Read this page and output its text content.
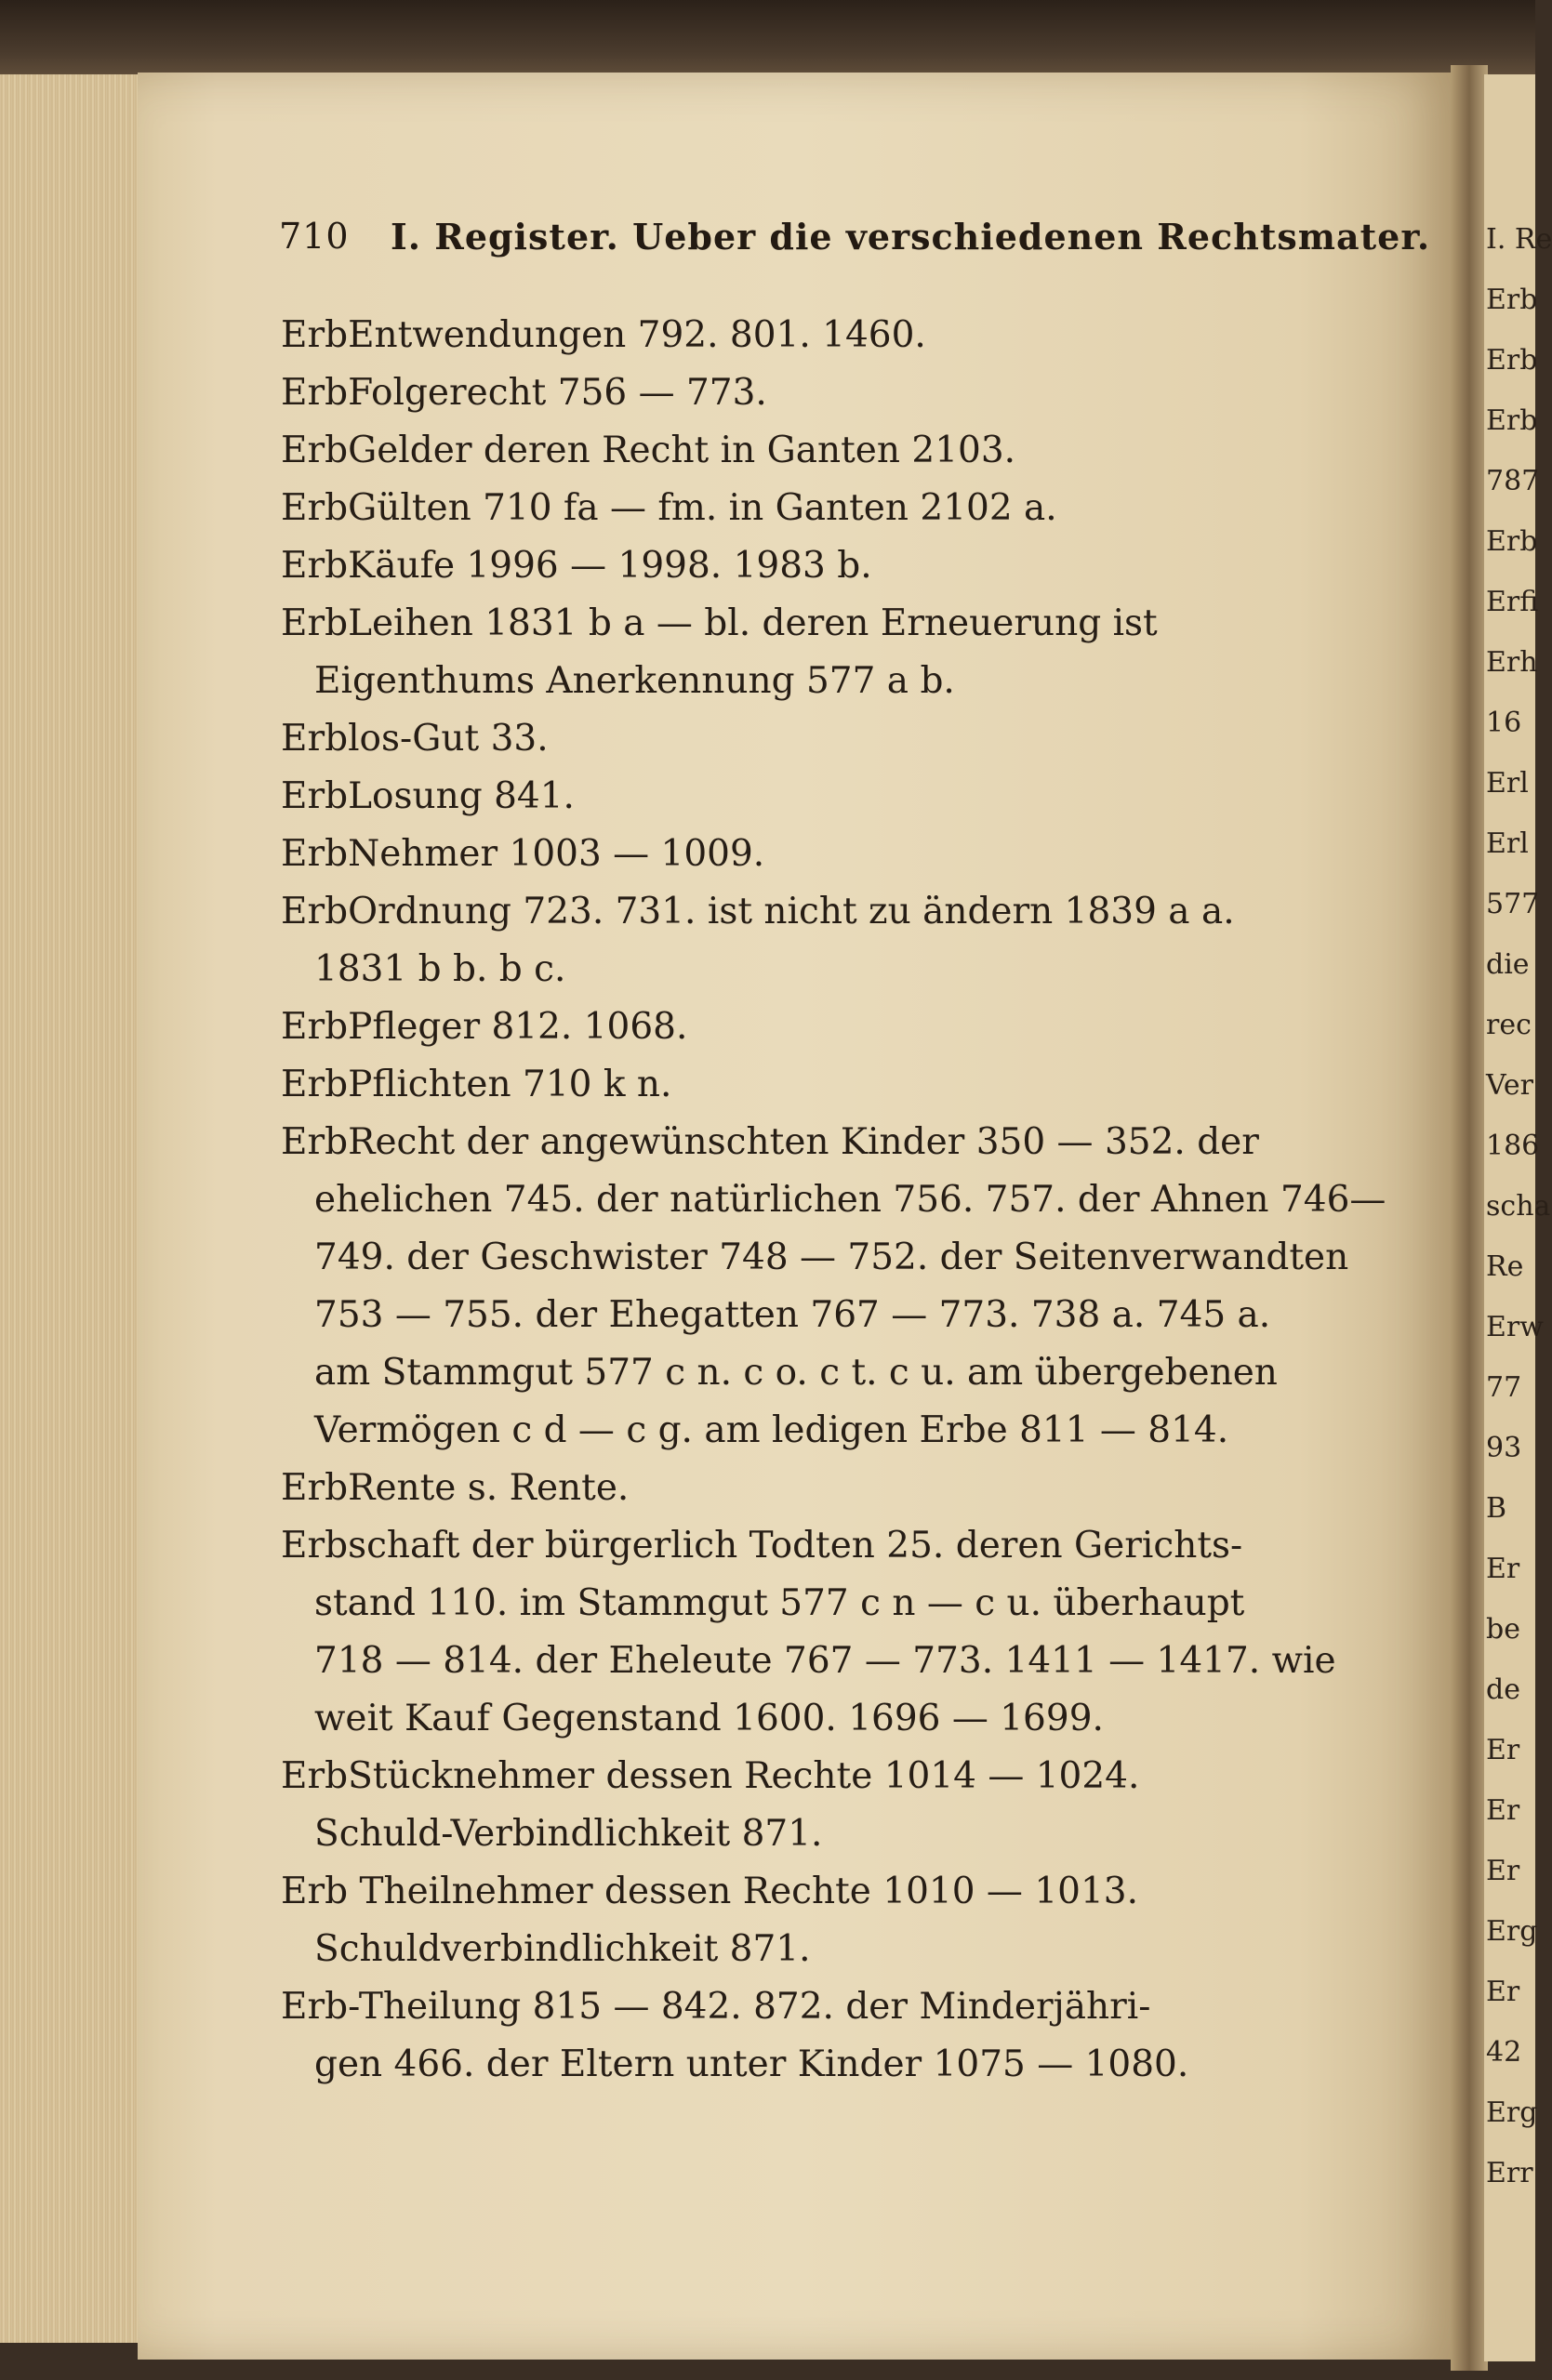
710 I. Register. Ueber die verschiedenen Rechtsmater.
ErbEntwendungen 792. 801. 1460.
ErbFolgerecht 756 — 773.
ErbGelder deren Recht in Ganten 2103.
ErbGülten 710 fa — fm. in Ganten 2102 a.
ErbKäufe 1996 — 1998. 1983 b.
ErbLeihen 1831 b a — bl. deren Erneuerung ist
Eigenthums Anerkennung 577 a b.
Erblos-Gut 33.
ErbLosung 841.
ErbNehmer 1003 — 1009.
ErbOrdnung 723. 731. ist nicht zu ändern 1839 a a.
1831 b b. b c.
ErbPfleger 812. 1068.
ErbPflichten 710 k n.
ErbRecht der angewünschten Kinder 350 — 352. der
ehelichen 745. der natürlichen 756. 757. der Ahnen 746—
749. der Geschwister 748 — 752. der Seitenverwandten
753 — 755. der Ehegatten 767 — 773. 738 a. 745 a.
am Stammgut 577 c n. c o. c t. c u. am übergebenen
Vermögen c d — c g. am ledigen Erbe 811 — 814.
ErbRente s. Rente.
Erbschaft der bürgerlich Todten 25. deren Gerichts-
stand 110. im Stammgut 577 c n — c u. überhaupt
718 — 814. der Eheleute 767 — 773. 1411 — 1417. wie
weit Kauf Gegenstand 1600. 1696 — 1699.
ErbStücknehmer dessen Rechte 1014 — 1024.
Schuld-Verbindlichkeit 871.
Erb Theilnehmer dessen Rechte 1010 — 1013.
Schuldverbindlichkeit 871.
Erb-Theilung 815 — 842. 872. der Minderjähri-
gen 466. der Eltern unter Kinder 1075 — 1080.
I. Re
Erb
Erb
Erb
787
Erb
Erfi
Erh
16
Erl
Erl
577
die
rec
Ver
186
scha
Re
Erw
77
93
B
Er
be
de
Er
Er
Er
Erg
Er
42
Erg
Err
